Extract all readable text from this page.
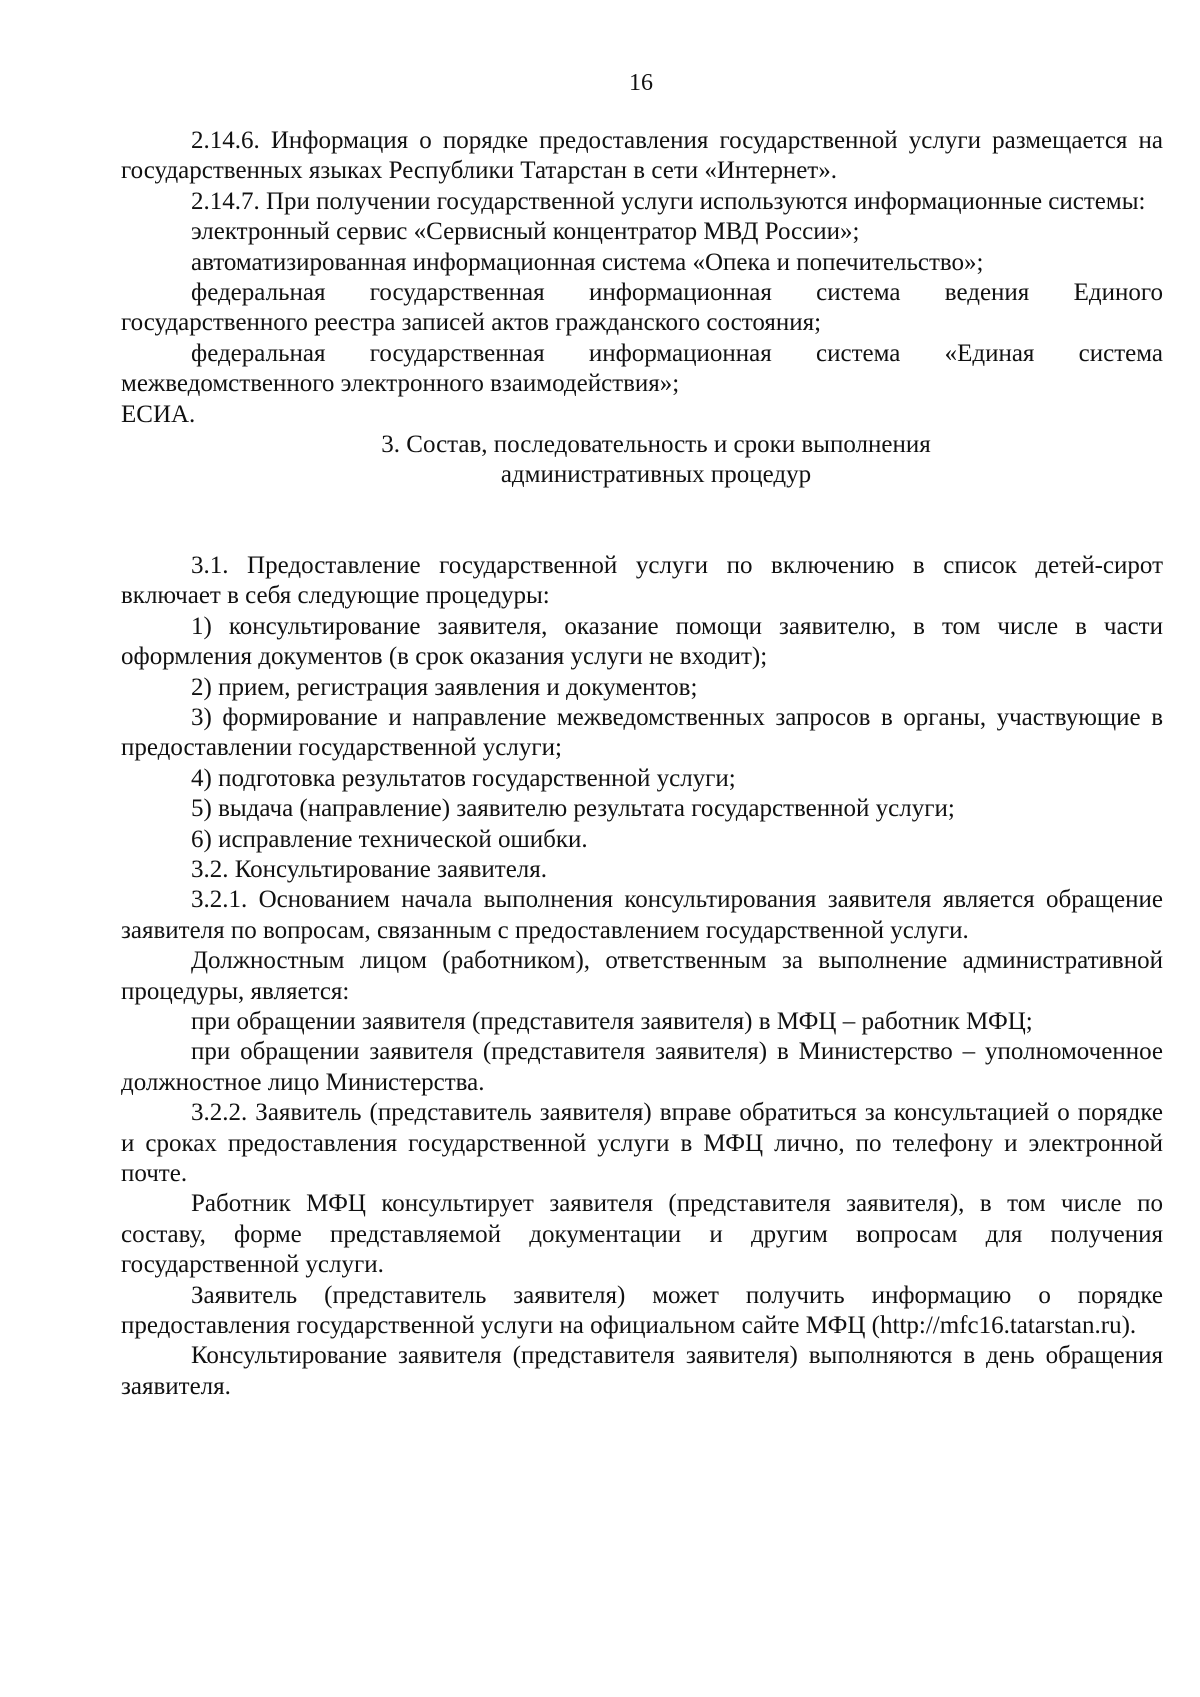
16

2.14.6. Информация о порядке предоставления государственной услуги размещается на государственных языках Республики Татарстан в сети «Интернет».

2.14.7. При получении государственной услуги используются информационные системы:

электронный сервис «Сервисный концентратор МВД России»;

автоматизированная информационная система «Опека и попечительство»;

федеральная государственная информационная система ведения Единого государственного реестра записей актов гражданского состояния;

федеральная государственная информационная система «Единая система межведомственного электронного взаимодействия»;

ЕСИА.

3. Состав, последовательность и сроки выполнения
административных процедур

3.1. Предоставление государственной услуги по включению в список детей-сирот включает в себя следующие процедуры:

1) консультирование заявителя, оказание помощи заявителю, в том числе в части оформления документов (в срок оказания услуги не входит);

2) прием, регистрация заявления и документов;

3) формирование и направление межведомственных запросов в органы, участвующие в предоставлении государственной услуги;

4) подготовка результатов государственной услуги;

5) выдача (направление) заявителю результата государственной услуги;

6) исправление технической ошибки.

3.2. Консультирование заявителя.

3.2.1. Основанием начала выполнения консультирования заявителя является обращение заявителя по вопросам, связанным с предоставлением государственной услуги.

Должностным лицом (работником), ответственным за выполнение административной процедуры, является:

при обращении заявителя (представителя заявителя) в МФЦ – работник МФЦ;

при обращении заявителя (представителя заявителя) в Министерство – уполномоченное должностное лицо Министерства.

3.2.2. Заявитель (представитель заявителя) вправе обратиться за консультацией о порядке и сроках предоставления государственной услуги в МФЦ лично, по телефону и электронной почте.

Работник МФЦ консультирует заявителя (представителя заявителя), в том числе по составу, форме представляемой документации и другим вопросам для получения государственной услуги.

Заявитель (представитель заявителя) может получить информацию о порядке предоставления государственной услуги на официальном сайте МФЦ (http://mfc16.tatarstan.ru).

Консультирование заявителя (представителя заявителя) выполняются в день обращения заявителя.
